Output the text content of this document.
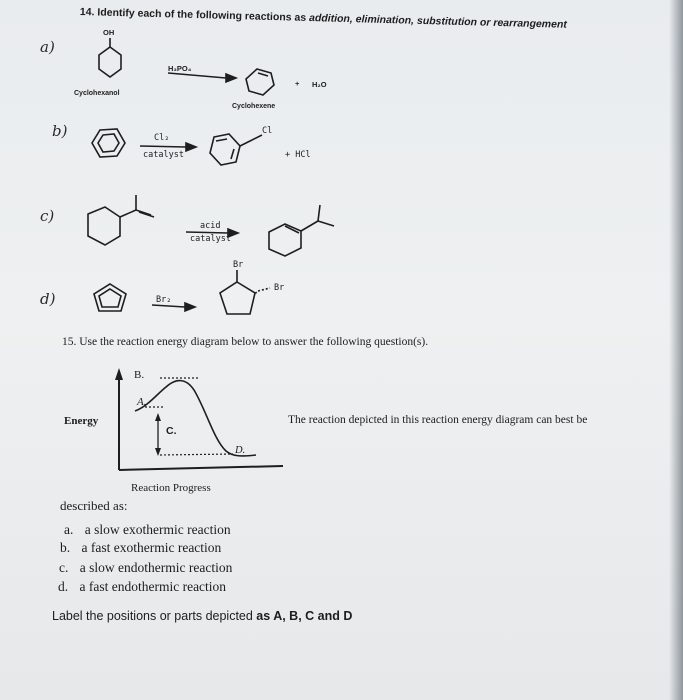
14. Identify each of the following reactions as addition, elimination, substitution or rearrangement
a)
OH
Cyclohexanol
H₃PO₄
Cyclohexene
+ H₂O
b)	Cl₂
catalyst
Cl
+ HCl
c)
acid
catalyst
d)	Br₂
Br
Br
15. Use the reaction energy diagram below to answer the following question(s).
B.
A.
C.
D.
Energy
Reaction Progress
The reaction depicted in this reaction energy diagram can best be
described as:
a. a slow exothermic reaction
b. a fast exothermic reaction
c. a slow endothermic reaction
d. a fast endothermic reaction
Label the positions or parts depicted as A, B, C and D
